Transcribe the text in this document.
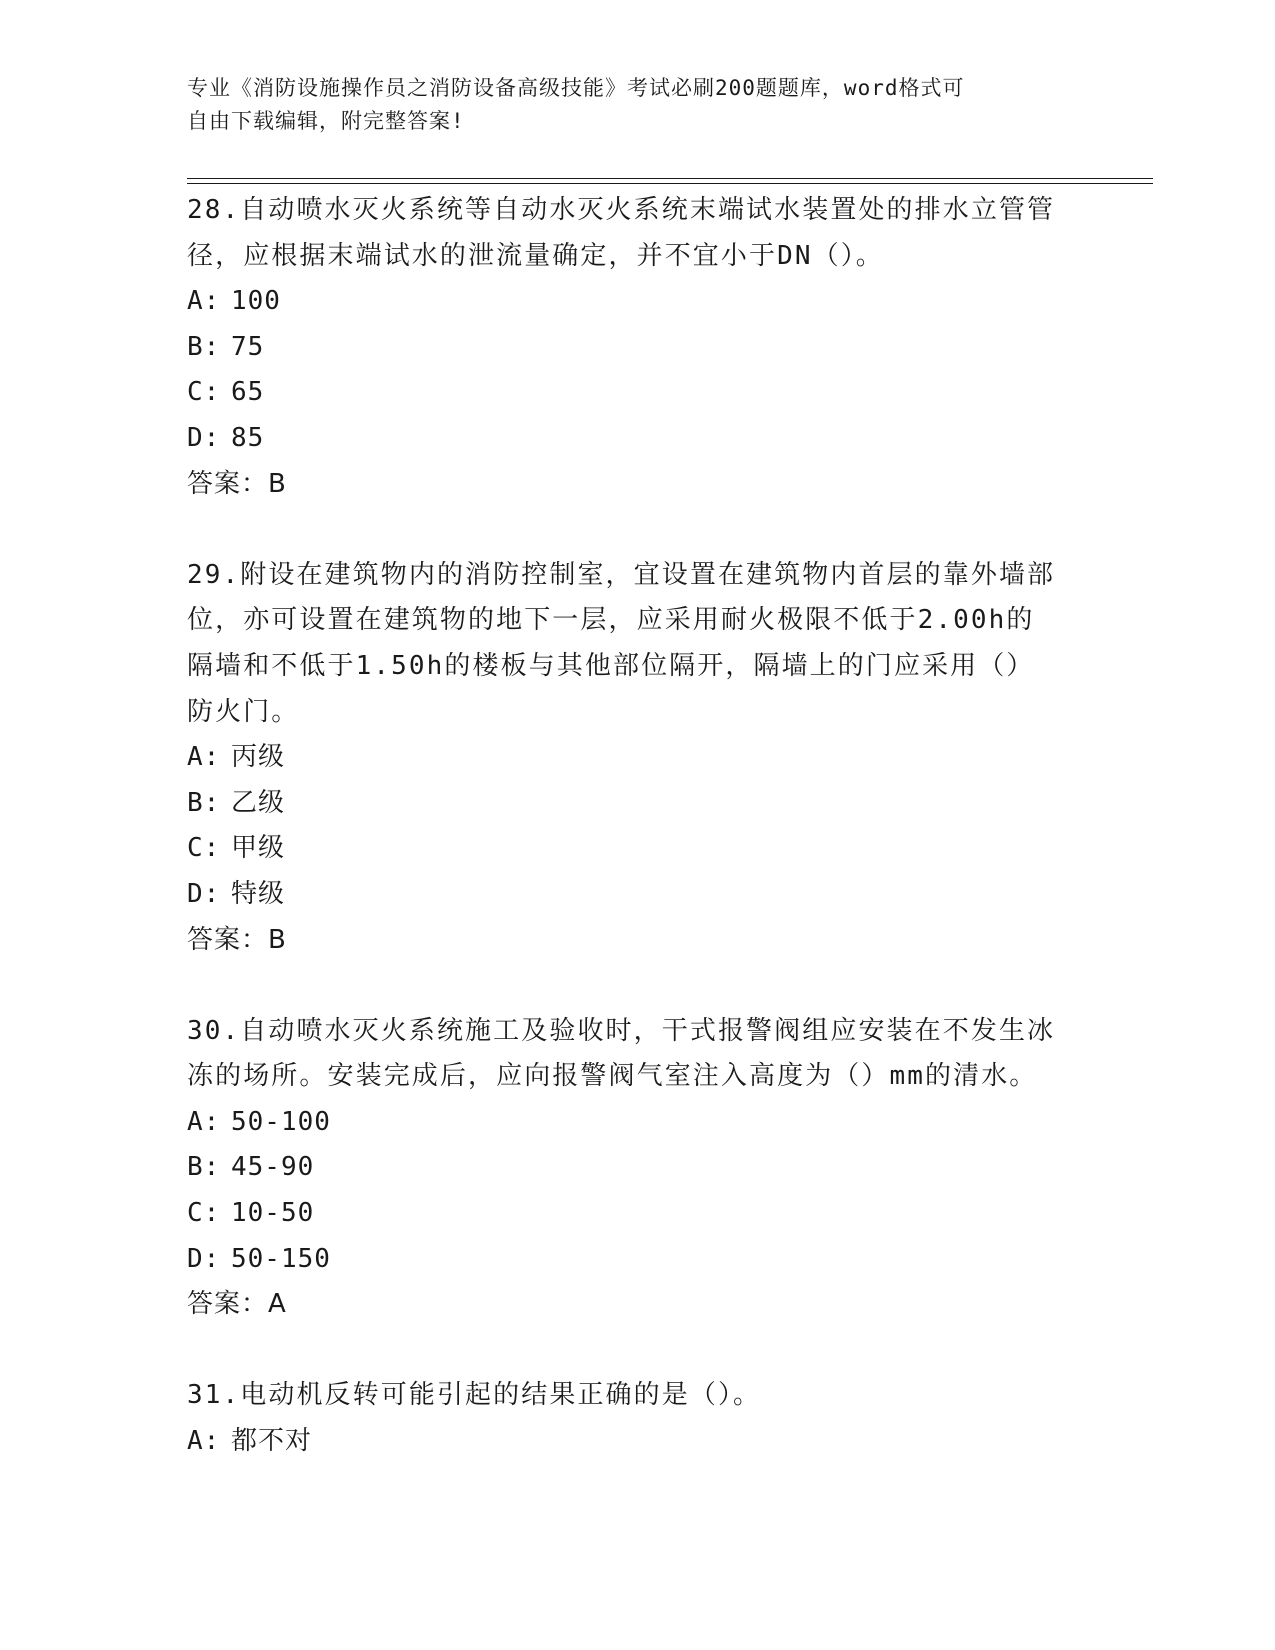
专业《消防设施操作员之消防设备高级技能》考试必刷200题题库，word格式可
自由下载编辑，附完整答案!
28.自动喷水灭火系统等自动水灭火系统末端试水装置处的排水立管管
径，应根据末端试水的泄流量确定，并不宜小于DN（）。
A: 100
B: 75
C: 65
D: 85
答案：B
29.附设在建筑物内的消防控制室，宜设置在建筑物内首层的靠外墙部
位，亦可设置在建筑物的地下一层，应采用耐火极限不低于2.00h的
隔墙和不低于1.50h的楼板与其他部位隔开，隔墙上的门应采用（）
防火门。
A: 丙级
B: 乙级
C: 甲级
D: 特级
答案：B
30.自动喷水灭火系统施工及验收时，干式报警阀组应安装在不发生冰
冻的场所。安装完成后，应向报警阀气室注入高度为（）mm的清水。
A: 50-100
B: 45-90
C: 10-50
D: 50-150
答案：A
31.电动机反转可能引起的结果正确的是（）。
A: 都不对
